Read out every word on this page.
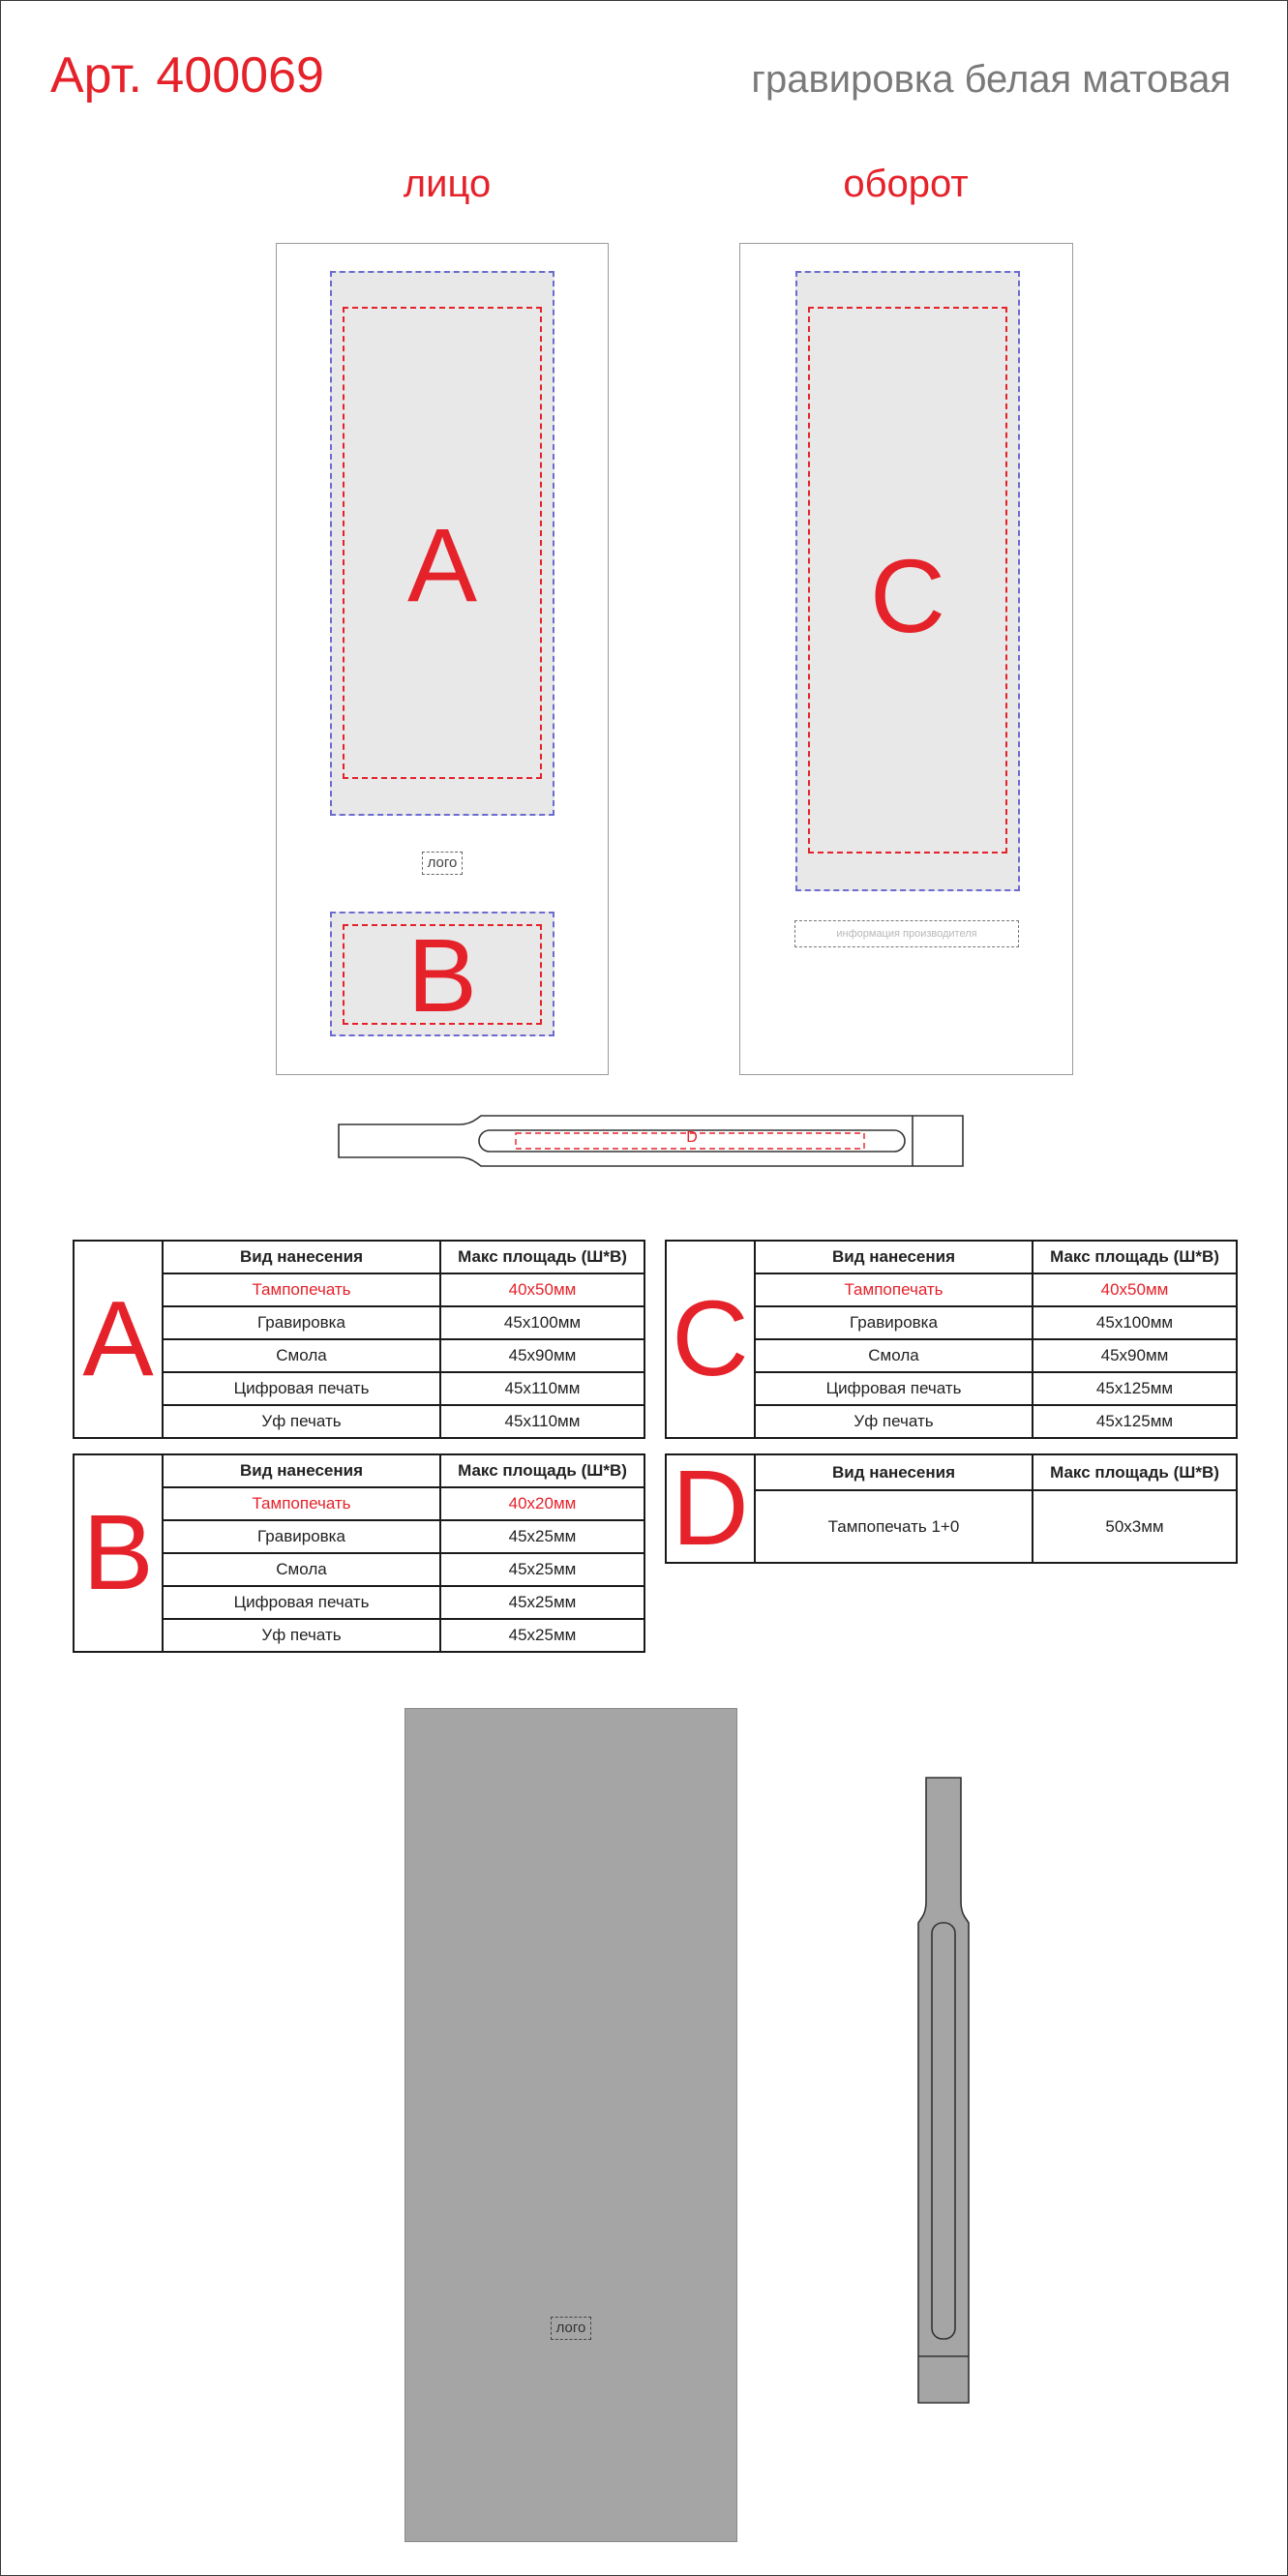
Арт. 400069	гравировка белая матовая
лицо	оборот
A
лого
B
C
информация производителя
D
A	Вид нанесения	Макс площадь (Ш*В)
	Тампопечать	40x50мм
	Гравировка	45x100мм
	Смола	45x90мм
	Цифровая печать	45x110мм
	Уф печать	45x110мм
C	Вид нанесения	Макс площадь (Ш*В)
	Тампопечать	40x50мм
	Гравировка	45x100мм
	Смола	45x90мм
	Цифровая печать	45x125мм
	Уф печать	45x125мм
B	Вид нанесения	Макс площадь (Ш*В)
	Тампопечать	40x20мм
	Гравировка	45x25мм
	Смола	45x25мм
	Цифровая печать	45x25мм
	Уф печать	45x25мм
D	Вид нанесения	Макс площадь (Ш*В)
	Тампопечать 1+0	50x3мм
лого
